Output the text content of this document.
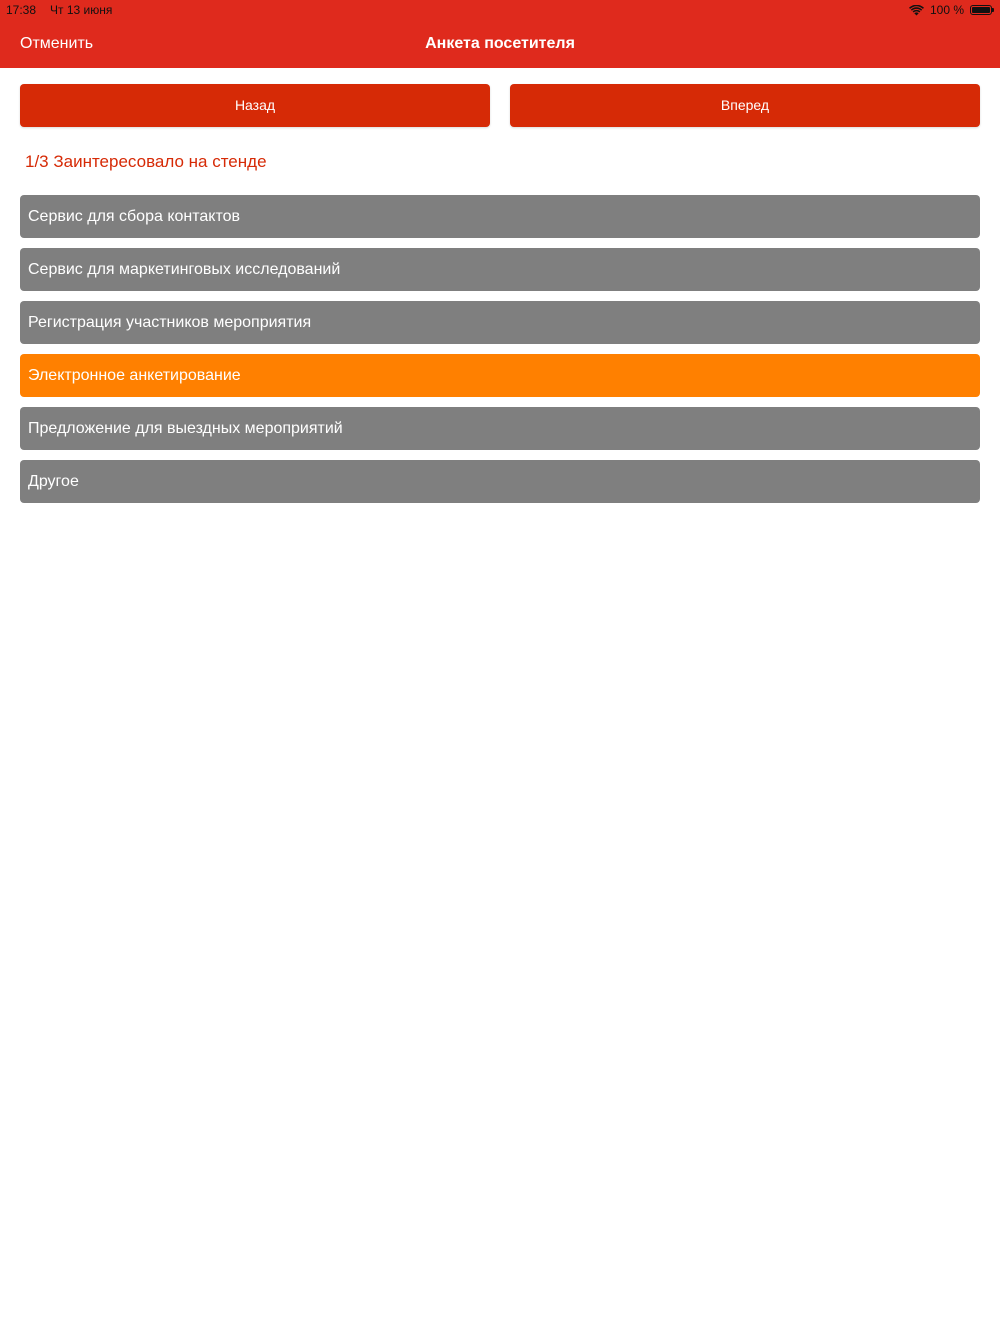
17:38 Чт 13 июня	100 %
Отменить	Анкета посетителя
Назад	Вперед
1/3 Заинтересовало на стенде
Сервис для сбора контактов
Сервис для маркетинговых исследований
Регистрация участников мероприятия
Электронное анкетирование
Предложение для выездных мероприятий
Другое
